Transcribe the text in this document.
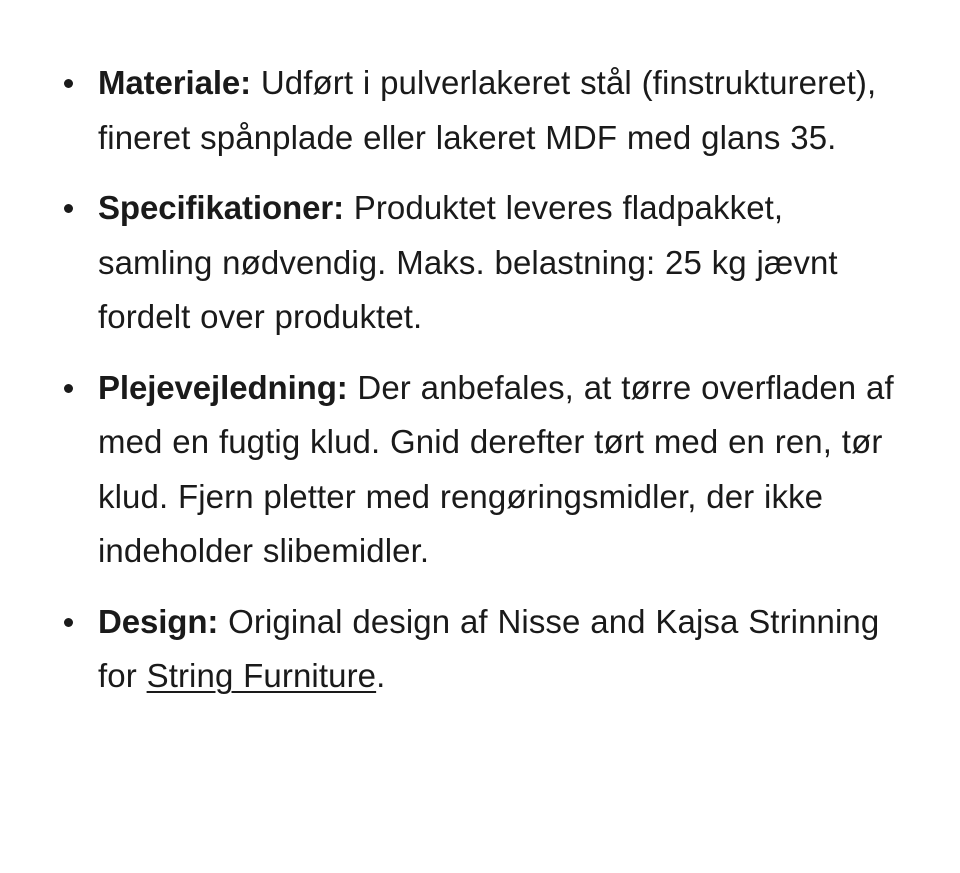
Materiale: Udført i pulverlakeret stål (finstruktureret), fineret spånplade eller lakeret MDF med glans 35.
Specifikationer: Produktet leveres fladpakket, samling nødvendig. Maks. belastning: 25 kg jævnt fordelt over produktet.
Plejevejledning: Der anbefales, at tørre overfladen af med en fugtig klud. Gnid derefter tørt med en ren, tør klud. Fjern pletter med rengøringsmidler, der ikke indeholder slibemidler.
Design: Original design af Nisse and Kajsa Strinning for String Furniture.
